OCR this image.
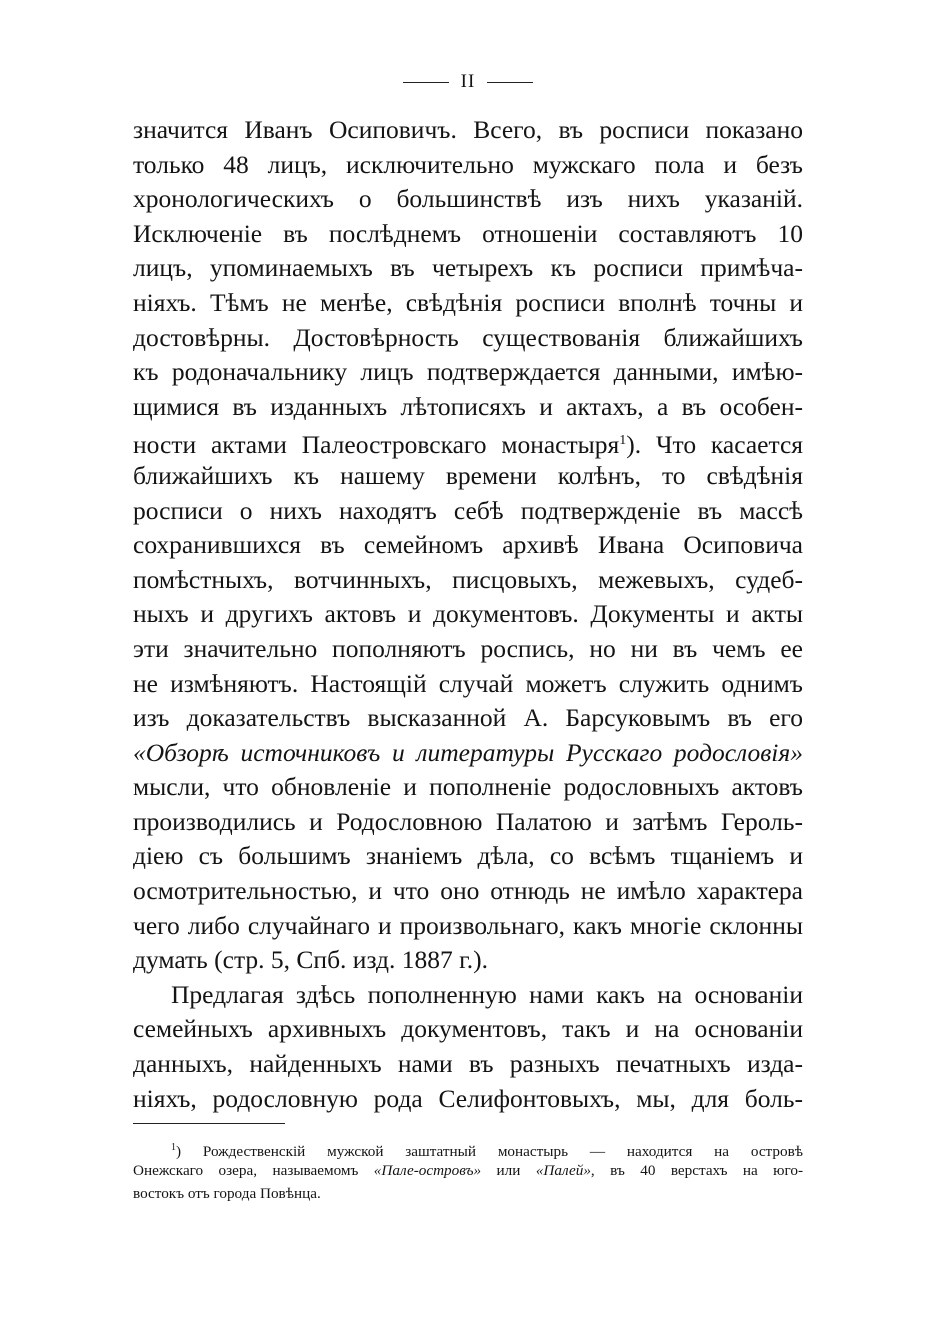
II
значится Иванъ Осиповичъ. Всего, въ росписи показано
только 48 лицъ, исключительно мужскаго пола и безъ
хронологическихъ о большинствѣ изъ нихъ указаній.
Исключеніе въ послѣднемъ отношеніи составляютъ 10
лицъ, упоминаемыхъ въ четырехъ къ росписи примѣча-
ніяхъ. Тѣмъ не менѣе, свѣдѣнія росписи вполнѣ точны и
достовѣрны. Достовѣрность существованія ближайшихъ
къ родоначальнику лицъ подтверждается данными, имѣю-
щимися въ изданныхъ лѣтописяхъ и актахъ, а въ особен-
ности актами Палеостровскаго монастыря$^1$). Что касается
ближайшихъ къ нашему времени колѣнъ, то свѣдѣнія
росписи о нихъ находятъ себѣ подтвержденіе въ массѣ
сохранившихся въ семейномъ архивѣ Ивана Осиповича
помѣстныхъ, вотчинныхъ, писцовыхъ, межевыхъ, судеб-
ныхъ и другихъ актовъ и документовъ. Документы и акты
эти значительно пополняютъ роспись, но ни въ чемъ ее
не измѣняютъ. Настоящій случай можетъ служить однимъ
изъ доказательствъ высказанной А. Барсуковымъ въ его
«Обзорѣ источниковъ и литературы Русскаго родословія»
мысли, что обновленіе и пополненіе родословныхъ актовъ
производились и Родословною Палатою и затѣмъ Героль-
діею съ большимъ знаніемъ дѣла, со всѣмъ тщаніемъ и
осмотрительностью, и что оно отнюдь не имѣло характера
чего либо случайнаго и произвольнаго, какъ многіе склонны
думать (стр. 5, Спб. изд. 1887 г.).
Предлагая здѣсь пополненную нами какъ на основаніи
семейныхъ архивныхъ документовъ, такъ и на основаніи
данныхъ, найденныхъ нами въ разныхъ печатныхъ изда-
ніяхъ, родословную рода Селифонтовыхъ, мы, для боль-
$^1$) Рождественскій мужской заштатный монастырь — находится на островѣ
Онежскаго озера, называемомъ «Пале-островъ» или «Палей», въ 40 верстахъ на юго-
востокъ отъ города Повѣнца.
